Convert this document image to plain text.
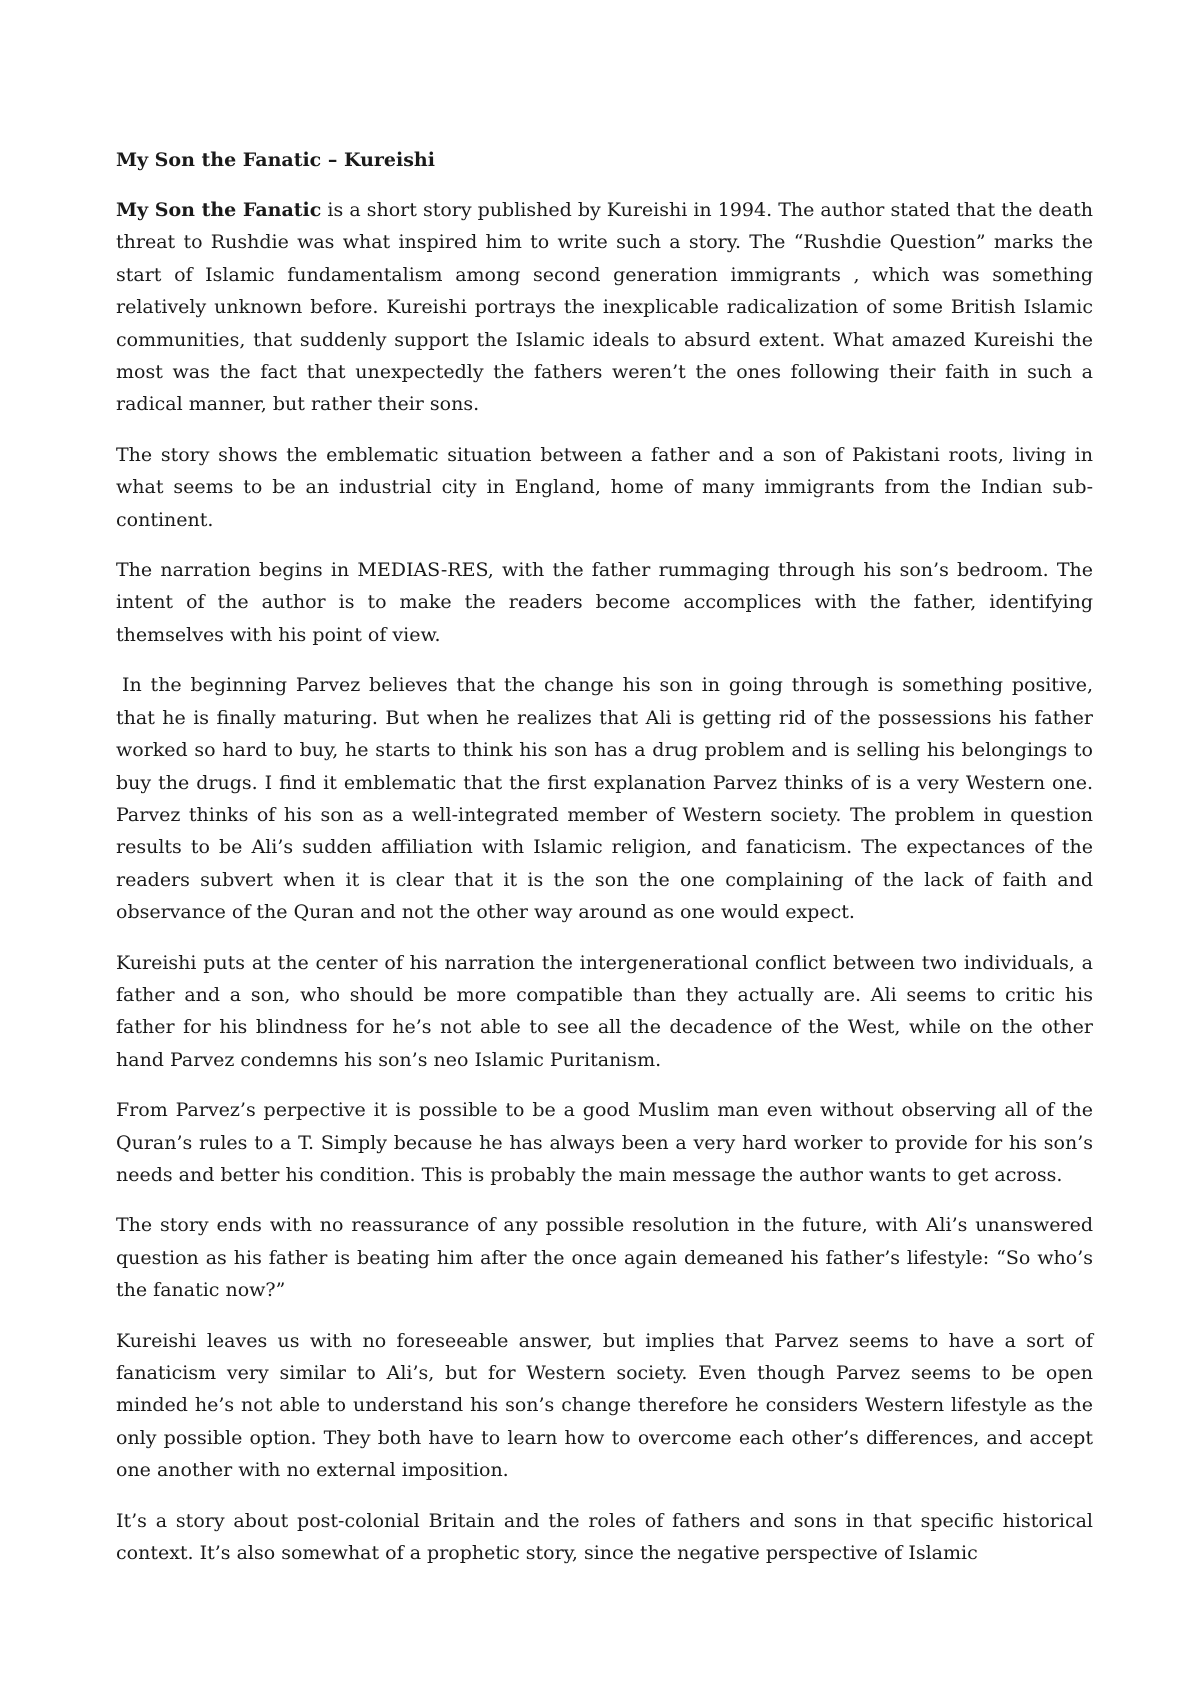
My Son the Fanatic – Kureishi

My Son the Fanatic is a short story published by Kureishi in 1994. The author stated that the death threat to Rushdie was what inspired him to write such a story. The “Rushdie Question” marks the start of Islamic fundamentalism among second generation immigrants , which was something relatively unknown before. Kureishi portrays the inexplicable radicalization of some British Islamic communities, that suddenly support the Islamic ideals to absurd extent. What amazed Kureishi the most was the fact that unexpectedly the fathers weren’t the ones following their faith in such a radical manner, but rather their sons.

The story shows the emblematic situation between a father and a son of Pakistani roots, living in what seems to be an industrial city in England, home of many immigrants from the Indian sub-continent.

The narration begins in MEDIAS-RES, with the father rummaging through his son’s bedroom. The intent of the author is to make the readers become accomplices with the father, identifying themselves with his point of view.

In the beginning Parvez believes that the change his son in going through is something positive, that he is finally maturing. But when he realizes that Ali is getting rid of the possessions his father worked so hard to buy, he starts to think his son has a drug problem and is selling his belongings to buy the drugs. I find it emblematic that the first explanation Parvez thinks of is a very Western one. Parvez thinks of his son as a well-integrated member of Western society. The problem in question results to be Ali’s sudden affiliation with Islamic religion, and fanaticism. The expectances of the readers subvert when it is clear that it is the son the one complaining of the lack of faith and observance of the Quran and not the other way around as one would expect.

Kureishi puts at the center of his narration the intergenerational conflict between two individuals, a father and a son, who should be more compatible than they actually are. Ali seems to critic his father for his blindness for he’s not able to see all the decadence of the West, while on the other hand Parvez condemns his son’s neo Islamic Puritanism.

From Parvez’s perpective it is possible to be a good Muslim man even without observing all of the Quran’s rules to a T. Simply because he has always been a very hard worker to provide for his son’s needs and better his condition. This is probably the main message the author wants to get across.

The story ends with no reassurance of any possible resolution in the future, with Ali’s unanswered question as his father is beating him after the once again demeaned his father’s lifestyle: “So who’s the fanatic now?”

Kureishi leaves us with no foreseeable answer, but implies that Parvez seems to have a sort of fanaticism very similar to Ali’s, but for Western society. Even though Parvez seems to be open minded he’s not able to understand his son’s change therefore he considers Western lifestyle as the only possible option. They both have to learn how to overcome each other’s differences, and accept one another with no external imposition.

It’s a story about post-colonial Britain and the roles of fathers and sons in that specific historical context. It’s also somewhat of a prophetic story, since the negative perspective of Islamic
